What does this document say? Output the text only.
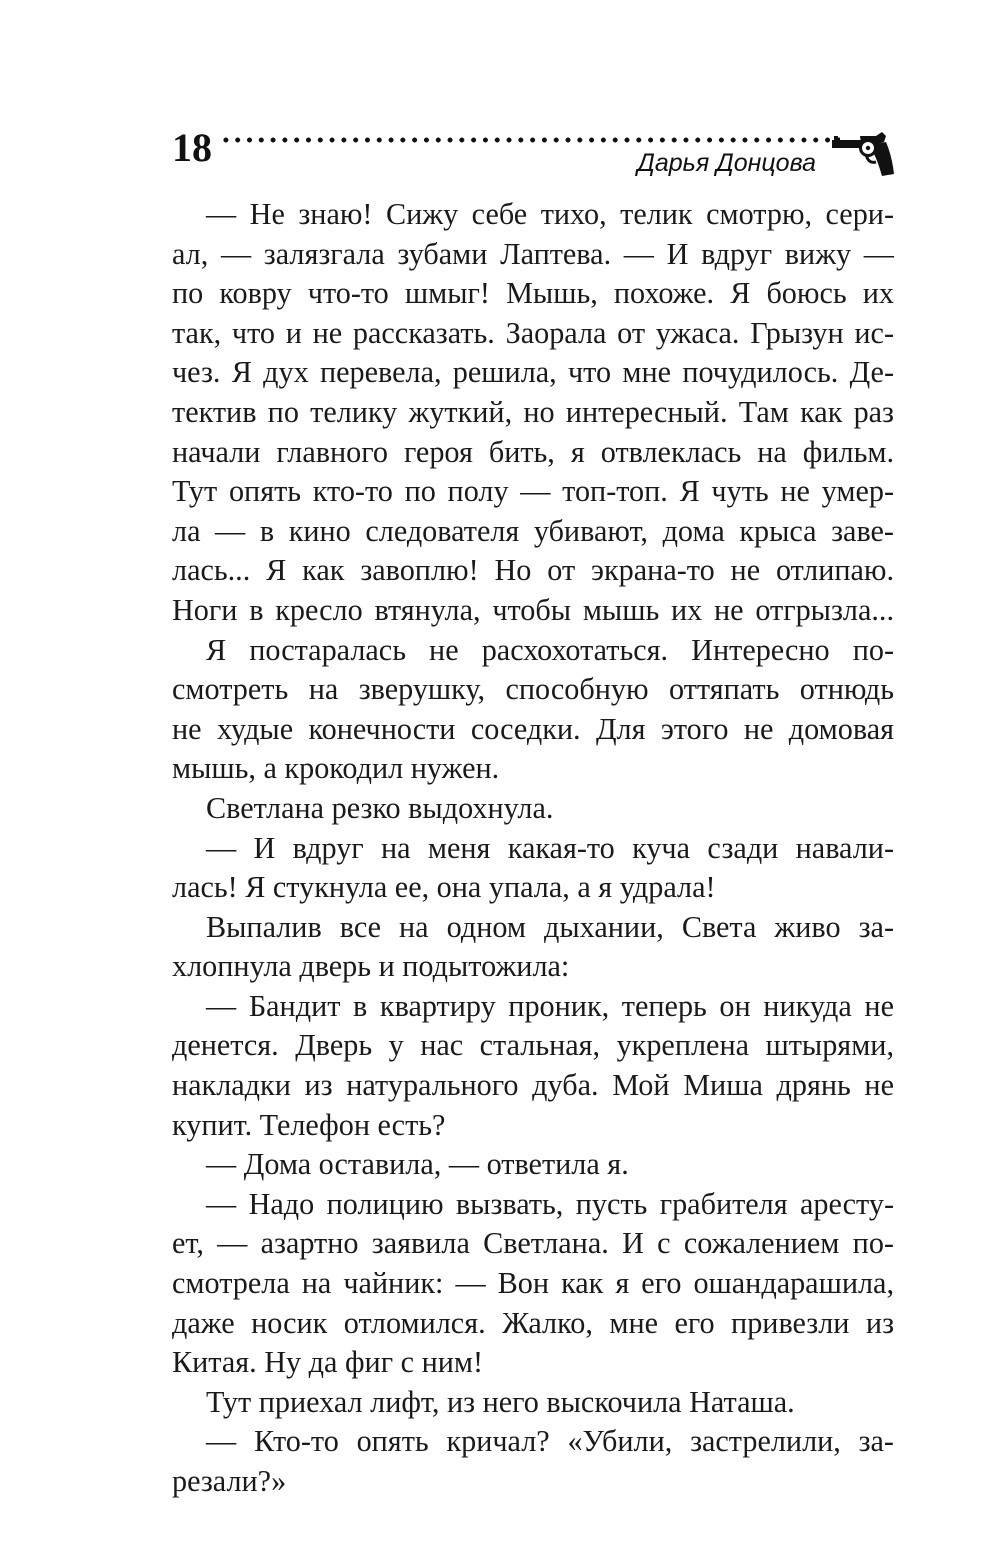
18	Дарья Донцова
— Не знаю! Сижу себе тихо, телик смотрю, сери-
ал, — залязгала зубами Лаптева. — И вдруг вижу —
по ковру что-то шмыг! Мышь, похоже. Я боюсь их
так, что и не рассказать. Заорала от ужаса. Грызун ис-
чез. Я дух перевела, решила, что мне почудилось. Де-
тектив по телику жуткий, но интересный. Там как раз
начали главного героя бить, я отвлеклась на фильм.
Тут опять кто-то по полу — топ-топ. Я чуть не умер-
ла — в кино следователя убивают, дома крыса заве-
лась... Я как завоплю! Но от экрана-то не отлипаю.
Ноги в кресло втянула, чтобы мышь их не отгрызла...
Я постаралась не расхохотаться. Интересно по-
смотреть на зверушку, способную оттяпать отнюдь
не худые конечности соседки. Для этого не домовая
мышь, а крокодил нужен.
Светлана резко выдохнула.
— И вдруг на меня какая-то куча сзади навали-
лась! Я стукнула ее, она упала, а я удрала!
Выпалив все на одном дыхании, Света живо за-
хлопнула дверь и подытожила:
— Бандит в квартиру проник, теперь он никуда не
денется. Дверь у нас стальная, укреплена штырями,
накладки из натурального дуба. Мой Миша дрянь не
купит. Телефон есть?
— Дома оставила, — ответила я.
— Надо полицию вызвать, пусть грабителя аресту-
ет, — азартно заявила Светлана. И с сожалением по-
смотрела на чайник: — Вон как я его ошандарашила,
даже носик отломился. Жалко, мне его привезли из
Китая. Ну да фиг с ним!
Тут приехал лифт, из него выскочила Наташа.
— Кто-то опять кричал? «Убили, застрелили, за-
резали?»
